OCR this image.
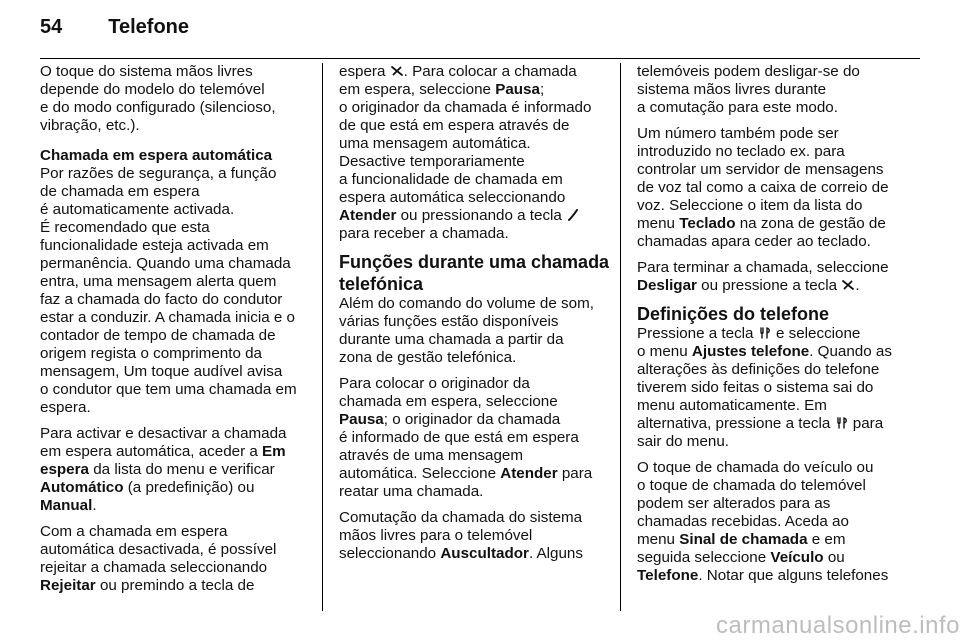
54 Telefone

O toque do sistema mãos livres
depende do modelo do telemóvel
e do modo configurado (silencioso,
vibração, etc.).

Chamada em espera automática

Por razões de segurança, a função
de chamada em espera
é automaticamente activada.
É recomendado que esta
funcionalidade esteja activada em
permanência. Quando uma chamada
entra, uma mensagem alerta quem
faz a chamada do facto do condutor
estar a conduzir. A chamada inicia e o
contador de tempo de chamada de
origem regista o comprimento da
mensagem, Um toque audível avisa
o condutor que tem uma chamada em
espera.

Para activar e desactivar a chamada
em espera automática, aceder a Em
espera da lista do menu e verificar
Automático (a predefinição) ou
Manual.

Com a chamada em espera
automática desactivada, é possível
rejeitar a chamada seleccionando
Rejeitar ou premindo a tecla de

espera
. Para colocar a chamada
em espera, seleccione Pausa;
o originador da chamada é informado
de que está em espera através de
uma mensagem automática.
Desactive temporariamente
a funcionalidade de chamada em
espera automática seleccionando
Atender ou pressionando a tecla
para receber a chamada.

Funções durante uma chamada
telefónica

Além do comando do volume de som,
várias funções estão disponíveis
durante uma chamada a partir da
zona de gestão telefónica.

Para colocar o originador da
chamada em espera, seleccione
Pausa; o originador da chamada
é informado de que está em espera
através de uma mensagem
automática. Seleccione Atender para
reatar uma chamada.

Comutação da chamada do sistema
mãos livres para o telemóvel
seleccionando Auscultador. Alguns

telemóveis podem desligar-se do
sistema mãos livres durante
a comutação para este modo.

Um número também pode ser
introduzido no teclado ex. para
controlar um servidor de mensagens
de voz tal como a caixa de correio de
voz. Seleccione o item da lista do
menu Teclado na zona de gestão de
chamadas apara ceder ao teclado.

Para terminar a chamada, seleccione
Desligar ou pressione a tecla
.

Definições do telefone

Pressione a tecla
e seleccione
o menu Ajustes telefone. Quando as
alterações às definições do telefone
tiverem sido feitas o sistema sai do
menu automaticamente. Em
alternativa, pressione a tecla
para
sair do menu.

O toque de chamada do veículo ou
o toque de chamada do telemóvel
podem ser alterados para as
chamadas recebidas. Aceda ao
menu Sinal de chamada e em
seguida seleccione Veículo ou
Telefone. Notar que alguns telefones

carmanualsonline.info
